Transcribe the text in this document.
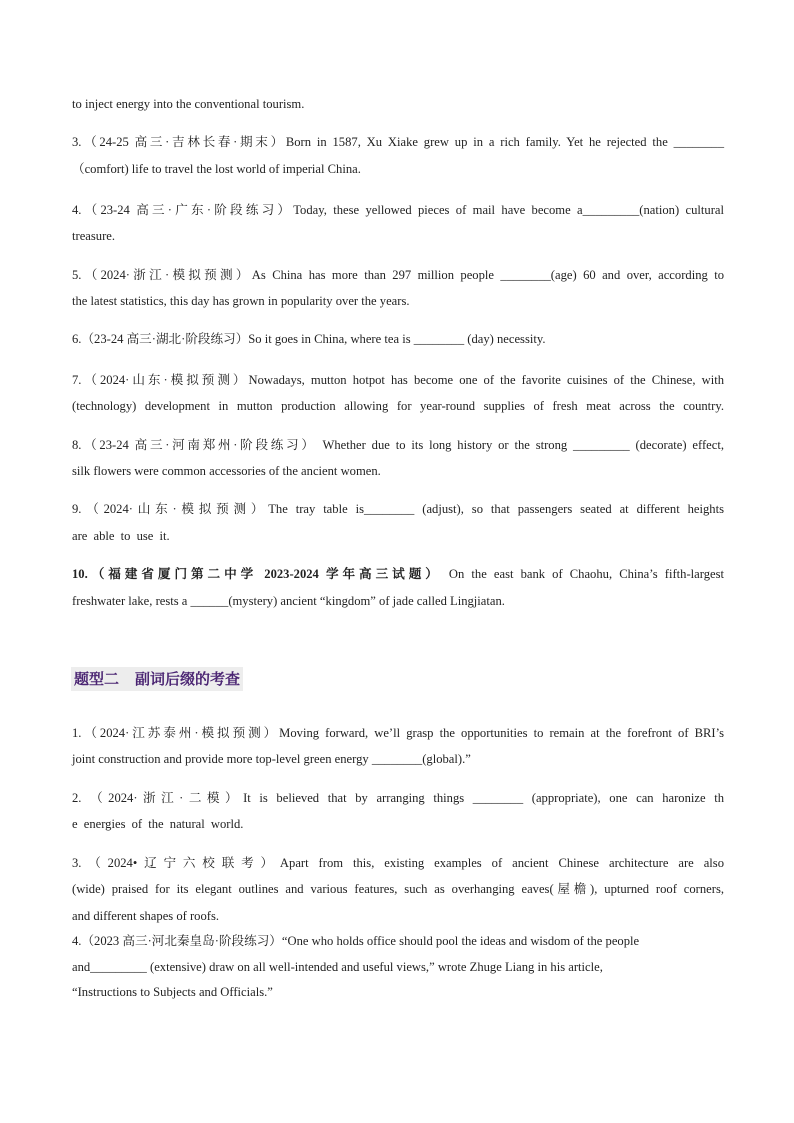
to inject energy into the conventional tourism.
3.（24-25 高三·吉林长春·期末）Born in 1587, Xu Xiake grew up in a rich family. Yet he rejected the ________
（comfort) life to travel the lost world of imperial China.
4.（23-24 高三·广东·阶段练习）Today, these yellowed pieces of mail have become a_________(nation) cultural
treasure.
5.（2024·浙江·模拟预测）As China has more than 297 million people ________(age) 60 and over, according to
the latest statistics, this day has grown in popularity over the years.
6.（23-24 高三·湖北·阶段练习）So it goes in China, where tea is ________ (day) necessity.
7.（2024·山东·模拟预测）Nowadays, mutton hotpot has become one of the favorite cuisines of the Chinese, with
(technology) development in mutton production allowing for year-round supplies of fresh meat across the country.
8.（23-24 高三·河南郑州·阶段练习） Whether due to its long history or the strong _________ (decorate) effect,
silk flowers were common accessories of the ancient women.
9.（2024·山东·模拟预测）The tray table is________ (adjust), so that passengers seated at different heights
are able to use it.
10.（福建省厦门第二中学 2023-2024 学年高三试题） On the east bank of Chaohu, China’s fifth-largest
freshwater lake, rests a ______(mystery) ancient “kingdom” of jade called Lingjiatan.
题型二 副词后缀的考查
1.（2024·江苏泰州·模拟预测）Moving forward, we’ll grasp the opportunities to remain at the forefront of BRI’s
joint construction and provide more top-level green energy ________(global).”
2. （2024·浙江·二模）It is believed that by arranging things ________ (appropriate), one can haronize th
e energies of the natural world.
3.（2024•辽宁六校联考）Apart from this, existing examples of ancient Chinese architecture are also
(wide) praised for its elegant outlines and various features, such as overhanging eaves(屋檐), upturned roof corners,
and different shapes of roofs.
4.（2023 高三·河北秦皇岛·阶段练习）“One who holds office should pool the ideas and wisdom of the people
and_________ (extensive) draw on all well-intended and useful views,” wrote Zhuge Liang in his article,
“Instructions to Subjects and Officials.”
